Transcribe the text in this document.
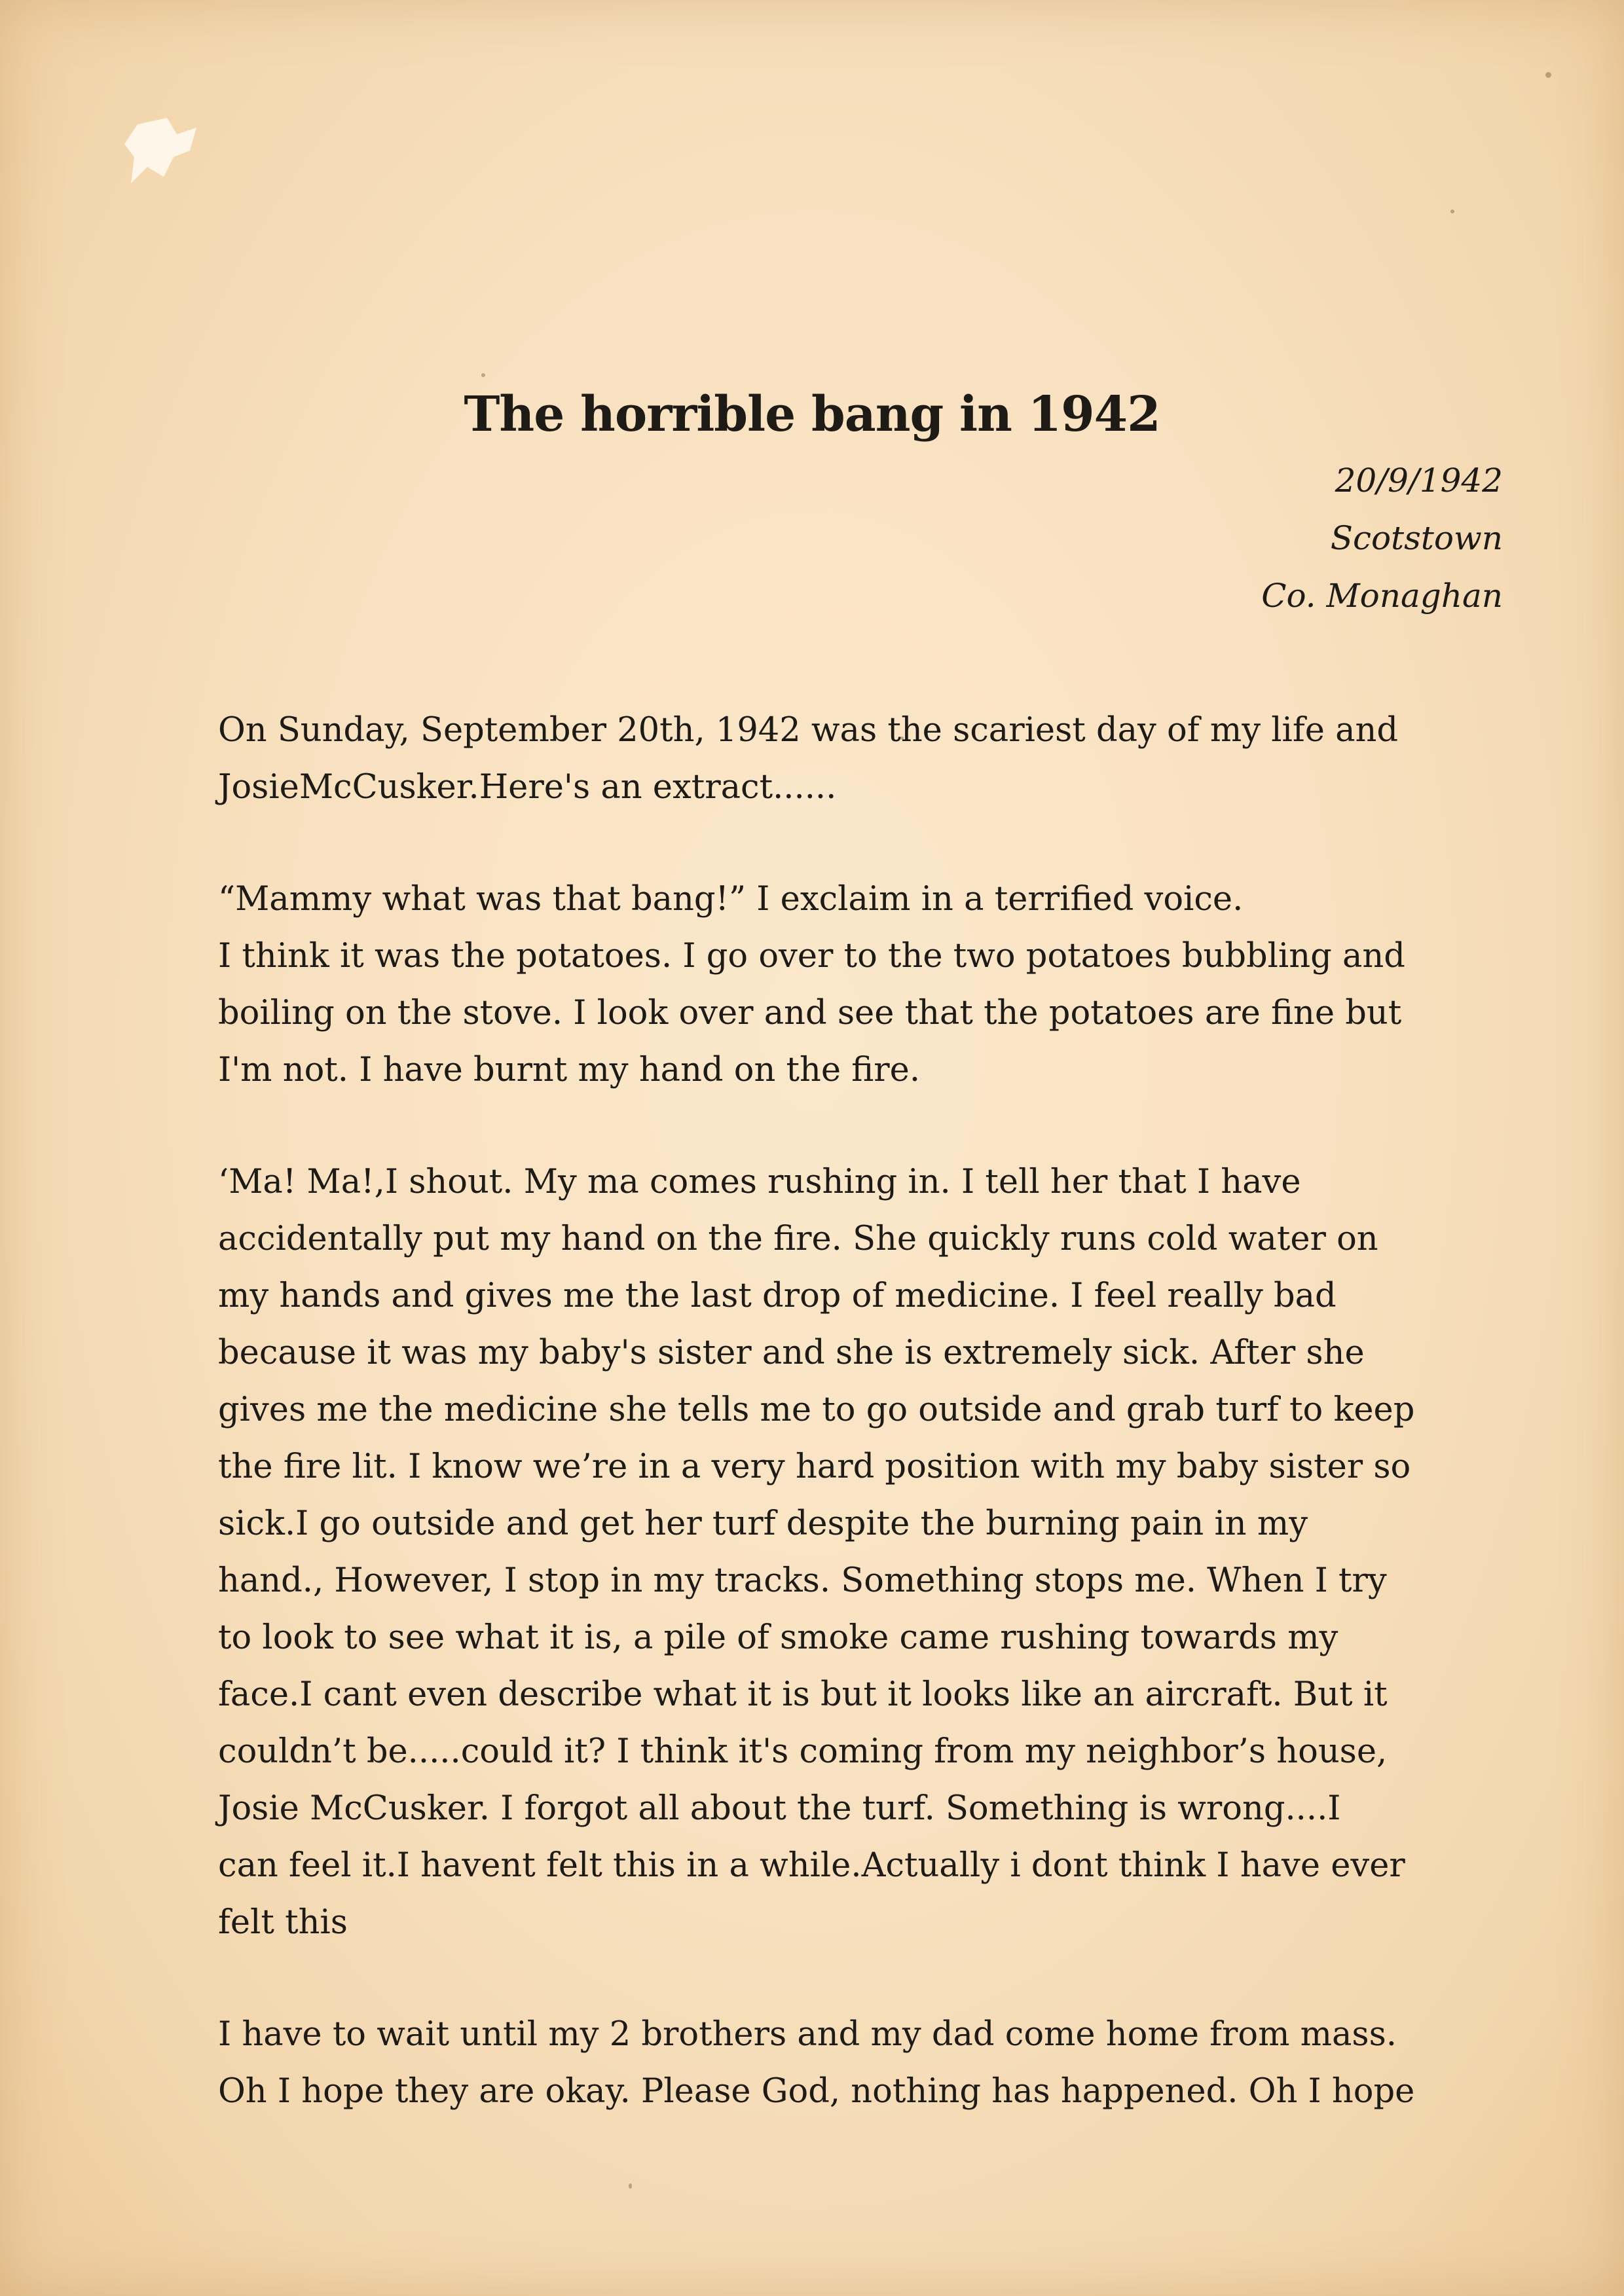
The horrible bang in 1942
20/9/1942
Scotstown
Co. Monaghan

On Sunday, September 20th, 1942 was the scariest day of my life and
JosieMcCusker.Here's an extract......

“Mammy what was that bang!” I exclaim in a terrified voice.
I think it was the potatoes. I go over to the two potatoes bubbling and
boiling on the stove. I look over and see that the potatoes are fine but
I'm not. I have burnt my hand on the fire.

‘Ma! Ma!,I shout. My ma comes rushing in. I tell her that I have
accidentally put my hand on the fire. She quickly runs cold water on
my hands and gives me the last drop of medicine. I feel really bad
because it was my baby's sister and she is extremely sick. After she
gives me the medicine she tells me to go outside and grab turf to keep
the fire lit. I know we’re in a very hard position with my baby sister so
sick.I go outside and get her turf despite the burning pain in my
hand., However, I stop in my tracks. Something stops me. When I try
to look to see what it is, a pile of smoke came rushing towards my
face.I cant even describe what it is but it looks like an aircraft. But it
couldn’t be.....could it? I think it's coming from my neighbor’s house,
Josie McCusker. I forgot all about the turf. Something is wrong....I
can feel it.I havent felt this in a while.Actually i dont think I have ever
felt this

I have to wait until my 2 brothers and my dad come home from mass.
Oh I hope they are okay. Please God, nothing has happened. Oh I hope
